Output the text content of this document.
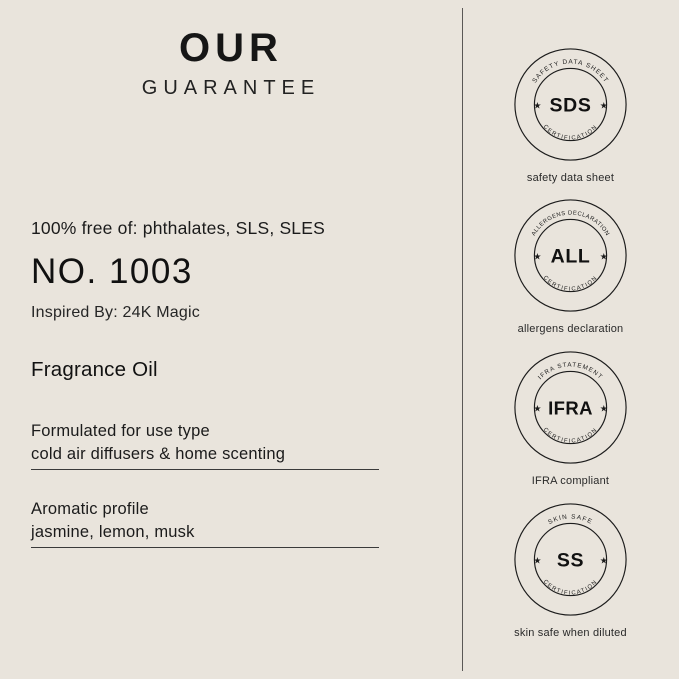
OUR
GUARANTEE
100% free of: phthalates, SLS, SLES
NO. 1003
Inspired By: 24K Magic
Fragrance Oil
Formulated for use type
cold air diffusers & home scenting
Aromatic profile
jasmine, lemon, musk
SAFETY DATA SHEET
CERTIFICATION
SDS
★	★
safety data sheet
ALLERGENS DECLARATION
CERTIFICATION
ALL
★	★
allergens declaration
IFRA STATEMENT
CERTIFICATION
IFRA
★	★
IFRA compliant
SKIN SAFE
CERTIFICATION
SS
★	★
skin safe when diluted
